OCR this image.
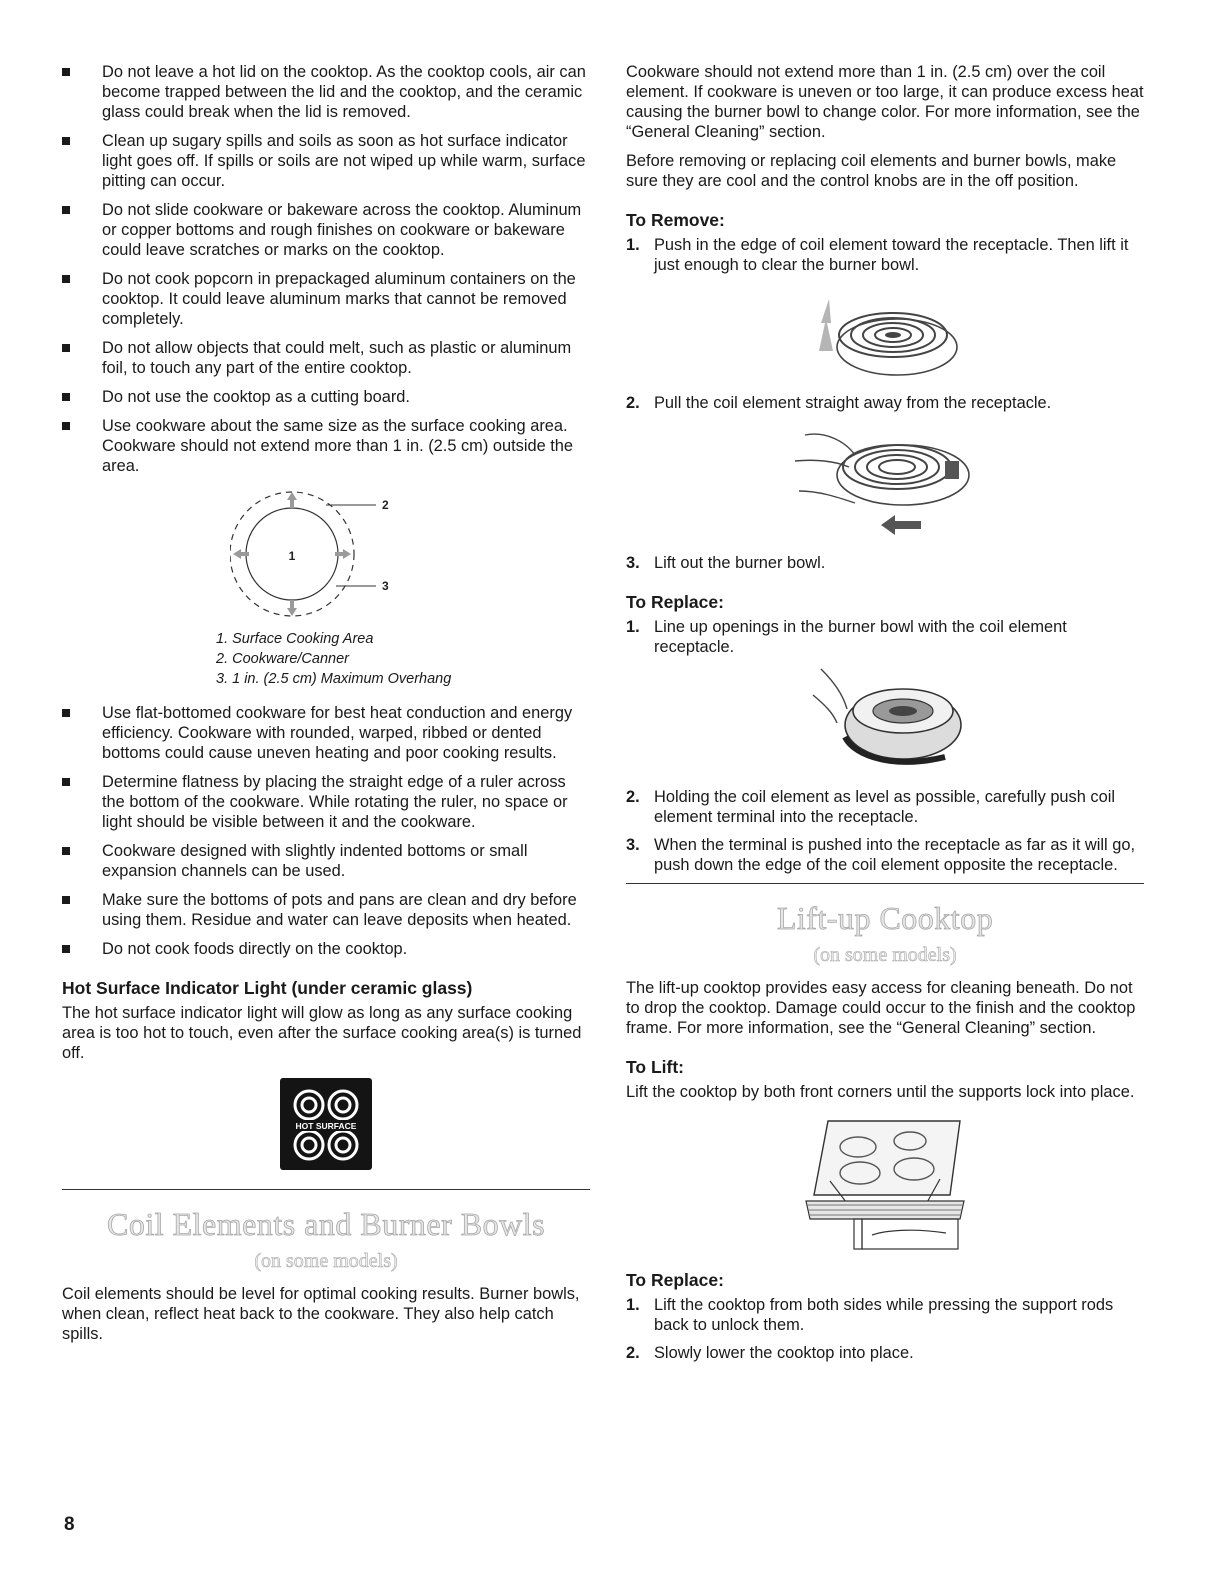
Do not leave a hot lid on the cooktop. As the cooktop cools, air can become trapped between the lid and the cooktop, and the ceramic glass could break when the lid is removed.
Clean up sugary spills and soils as soon as hot surface indicator light goes off. If spills or soils are not wiped up while warm, surface pitting can occur.
Do not slide cookware or bakeware across the cooktop. Aluminum or copper bottoms and rough finishes on cookware or bakeware could leave scratches or marks on the cooktop.
Do not cook popcorn in prepackaged aluminum containers on the cooktop. It could leave aluminum marks that cannot be removed completely.
Do not allow objects that could melt, such as plastic or aluminum foil, to touch any part of the entire cooktop.
Do not use the cooktop as a cutting board.
Use cookware about the same size as the surface cooking area. Cookware should not extend more than 1 in. (2.5 cm) outside the area.
1
2
3
1. Surface Cooking Area
2. Cookware/Canner
3. 1 in. (2.5 cm) Maximum Overhang
Use flat-bottomed cookware for best heat conduction and energy efficiency. Cookware with rounded, warped, ribbed or dented bottoms could cause uneven heating and poor cooking results.
Determine flatness by placing the straight edge of a ruler across the bottom of the cookware. While rotating the ruler, no space or light should be visible between it and the cookware.
Cookware designed with slightly indented bottoms or small expansion channels can be used.
Make sure the bottoms of pots and pans are clean and dry before using them. Residue and water can leave deposits when heated.
Do not cook foods directly on the cooktop.
Hot Surface Indicator Light (under ceramic glass)

The hot surface indicator light will glow as long as any surface cooking area is too hot to touch, even after the surface cooking area(s) is turned off.

HOT SURFACE
Coil Elements and Burner Bowls
(on some models)

Coil elements should be level for optimal cooking results. Burner bowls, when clean, reflect heat back to the cookware. They also help catch spills.

Cookware should not extend more than 1 in. (2.5 cm) over the coil element. If cookware is uneven or too large, it can produce excess heat causing the burner bowl to change color. For more information, see the “General Cleaning” section.

Before removing or replacing coil elements and burner bowls, make sure they are cool and the control knobs are in the off position.

To Remove:
1. Push in the edge of coil element toward the receptacle. Then lift it just enough to clear the burner bowl.
2. Pull the coil element straight away from the receptacle.
3. Lift out the burner bowl.
To Replace:
1. Line up openings in the burner bowl with the coil element receptacle.
2. Holding the coil element as level as possible, carefully push coil element terminal into the receptacle.
3. When the terminal is pushed into the receptacle as far as it will go, push down the edge of the coil element opposite the receptacle.
Lift-up Cooktop
(on some models)

The lift-up cooktop provides easy access for cleaning beneath. Do not to drop the cooktop. Damage could occur to the finish and the cooktop frame. For more information, see the “General Cleaning” section.

To Lift:

Lift the cooktop by both front corners until the supports lock into place.

To Replace:
1. Lift the cooktop from both sides while pressing the support rods back to unlock them.
2. Slowly lower the cooktop into place.
8
